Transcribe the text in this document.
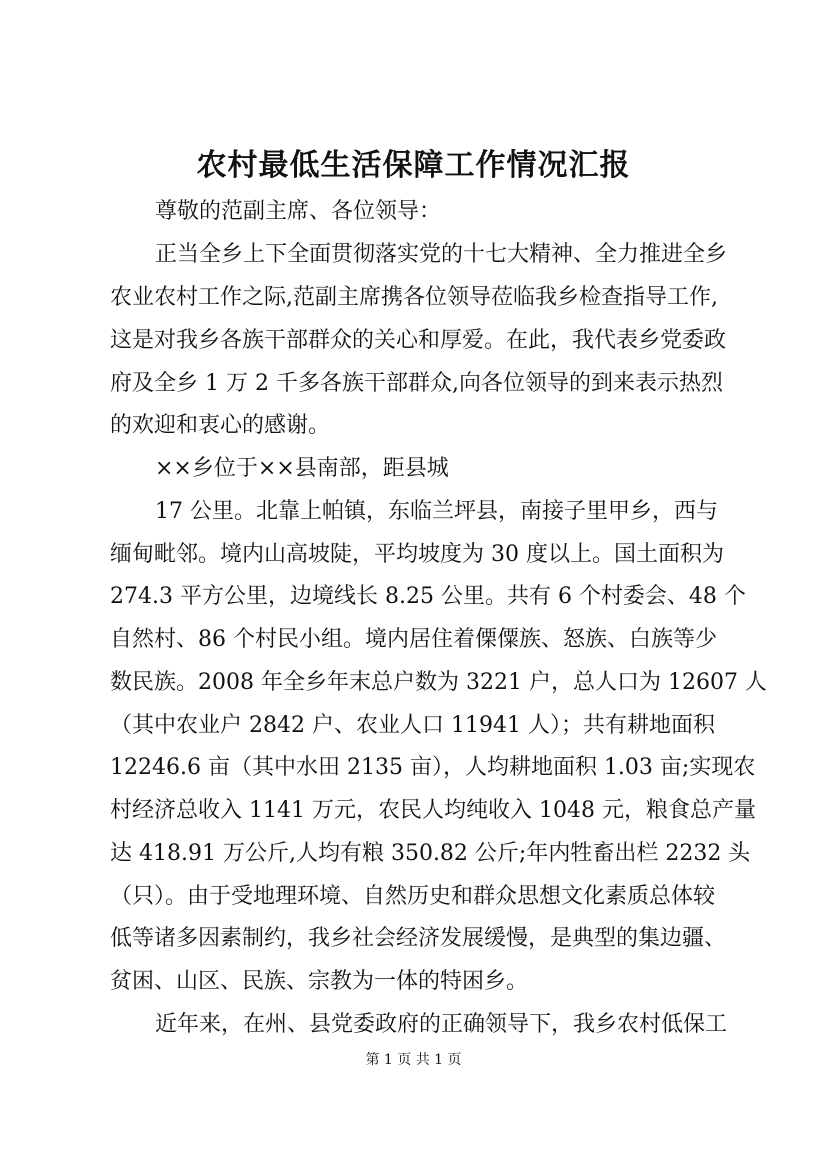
农村最低生活保障工作情况汇报
尊敬的范副主席、各位领导：
正当全乡上下全面贯彻落实党的十七大精神、全力推进全乡
农业农村工作之际,范副主席携各位领导莅临我乡检查指导工作,
这是对我乡各族干部群众的关心和厚爱。在此，我代表乡党委政
府及全乡 1 万 2 千多各族干部群众,向各位领导的到来表示热烈
的欢迎和衷心的感谢。
××乡位于××县南部，距县城
17 公里。北靠上帕镇，东临兰坪县，南接子里甲乡，西与
缅甸毗邻。境内山高坡陡，平均坡度为 30 度以上。国土面积为
274.3 平方公里，边境线长 8.25 公里。共有 6 个村委会、48 个
自然村、86 个村民小组。境内居住着傈僳族、怒族、白族等少
数民族。2008 年全乡年末总户数为 3221 户，总人口为 12607 人
（其中农业户 2842 户、农业人口 11941 人）；共有耕地面积
12246.6 亩（其中水田 2135 亩），人均耕地面积 1.03 亩;实现农
村经济总收入 1141 万元，农民人均纯收入 1048 元，粮食总产量
达 418.91 万公斤,人均有粮 350.82 公斤;年内牲畜出栏 2232 头
（只）。由于受地理环境、自然历史和群众思想文化素质总体较
低等诸多因素制约，我乡社会经济发展缓慢，是典型的集边疆、
贫困、山区、民族、宗教为一体的特困乡。
近年来，在州、县党委政府的正确领导下，我乡农村低保工
第 1 页 共 1 页
